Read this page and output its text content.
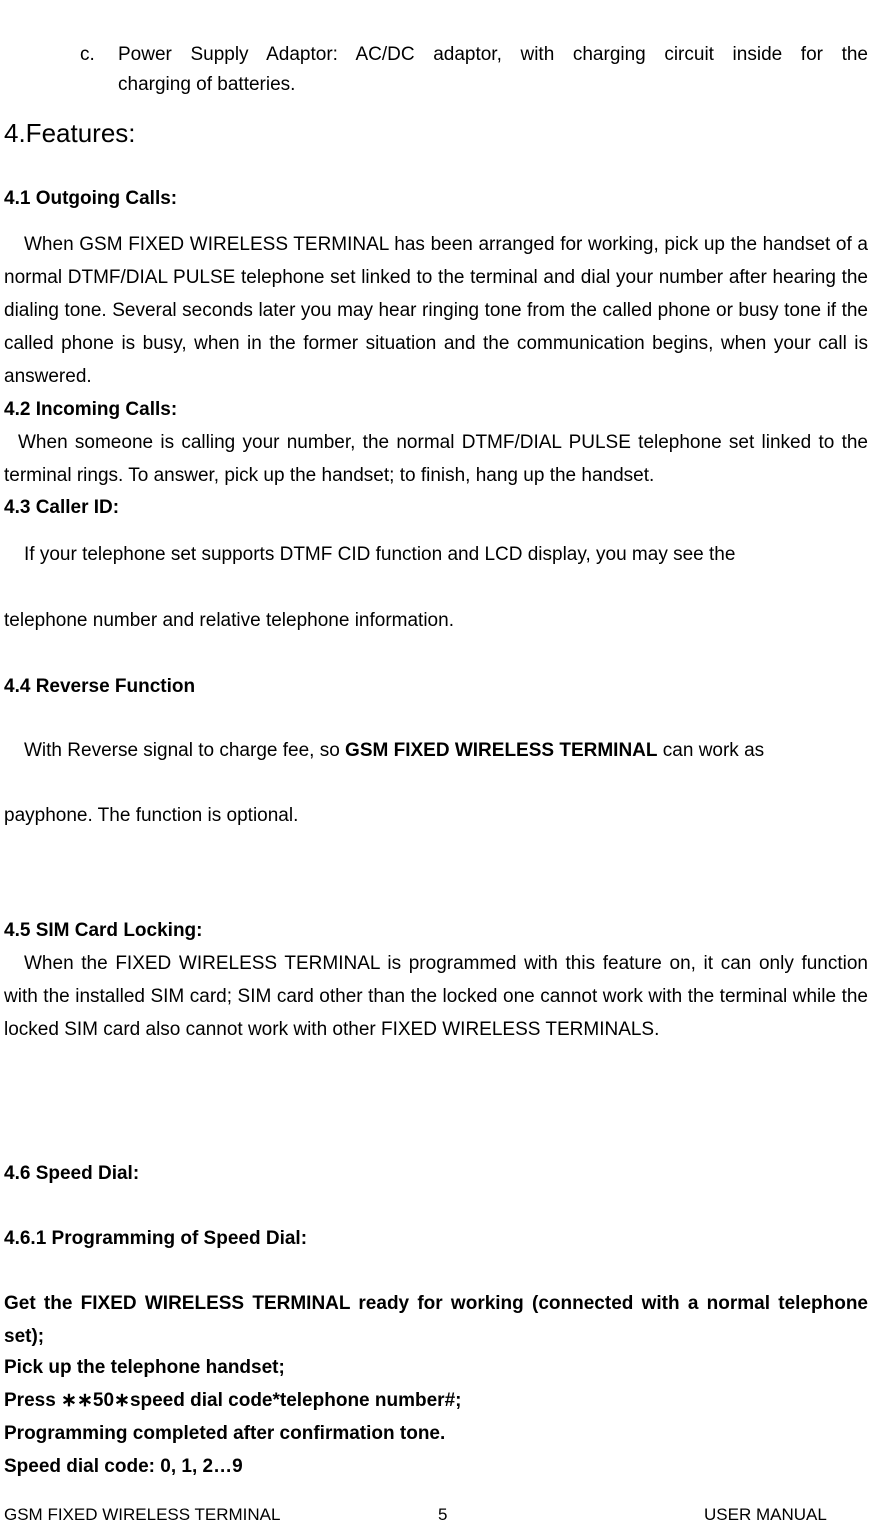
c. Power Supply Adaptor: AC/DC adaptor, with charging circuit inside for the
charging of batteries.
4.Features:
4.1 Outgoing Calls:

When GSM FIXED WIRELESS TERMINAL has been arranged for working, pick up the handset of a normal DTMF/DIAL PULSE telephone set linked to the terminal and dial your number after hearing the dialing tone. Several seconds later you may hear ringing tone from the called phone or busy tone if the called phone is busy, when in the former situation and the communication begins, when your call is answered.

4.2 Incoming Calls:

When someone is calling your number, the normal DTMF/DIAL PULSE telephone set linked to the terminal rings. To answer, pick up the handset; to finish, hang up the handset.

4.3 Caller ID:
If your telephone set supports DTMF CID function and LCD display, you may see the
telephone number and relative telephone information.
4.4 Reverse Function
With Reverse signal to charge fee, so GSM FIXED WIRELESS TERMINAL can work as
payphone. The function is optional.
4.5 SIM Card Locking:

When the FIXED WIRELESS TERMINAL is programmed with this feature on, it can only function with the installed SIM card; SIM card other than the locked one cannot work with the terminal while the locked SIM card also cannot work with other FIXED WIRELESS TERMINALS.

4.6 Speed Dial:
4.6.1 Programming of Speed Dial:

Get the FIXED WIRELESS TERMINAL ready for working (connected with a normal telephone set);

Pick up the telephone handset;
Press ∗∗50∗speed dial code*telephone number#;
Programming completed after confirmation tone.
Speed dial code: 0, 1, 2…9
GSM FIXED WIRELESS TERMINAL	5	USER MANUAL
